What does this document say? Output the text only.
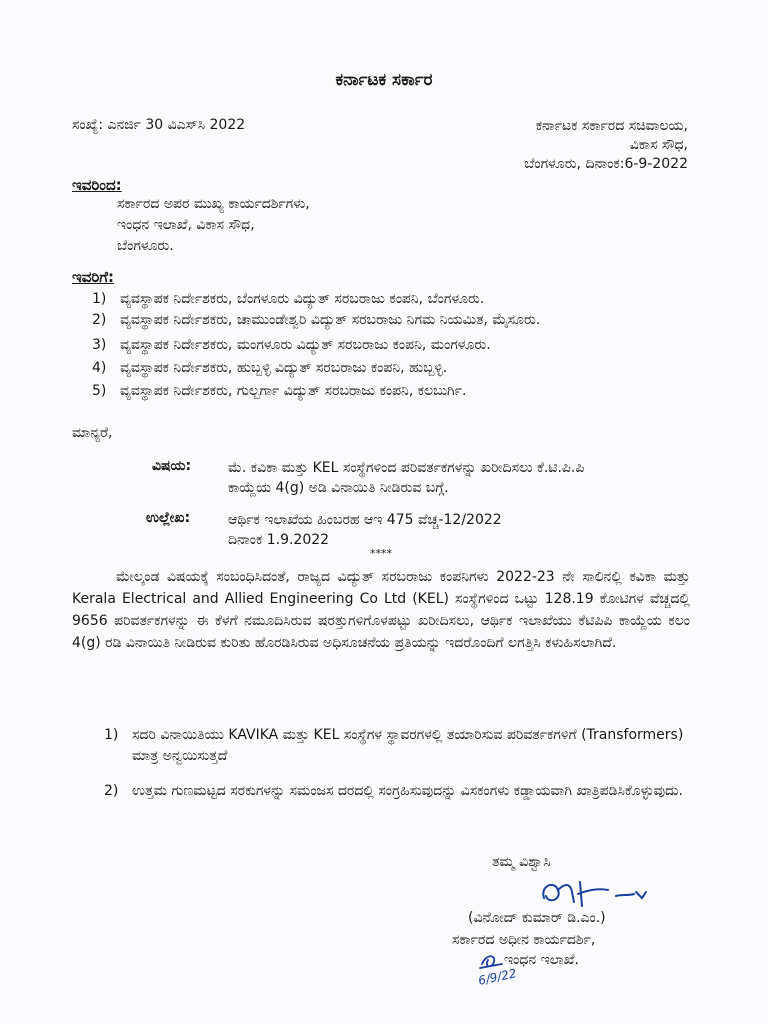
ಕರ್ನಾಟಕ ಸರ್ಕಾರ
ಸಂಖ್ಯೆ: ಎನರ್ಜಿ 30 ವಿಎಸ್‌ಸಿ 2022	ಕರ್ನಾಟಕ ಸರ್ಕಾರದ ಸಚಿವಾಲಯ,
ವಿಕಾಸ ಸೌಧ,
ಬೆಂಗಳೂರು, ದಿನಾಂಕ:6-9-2022
ಇವರಿಂದ:
ಸರ್ಕಾರದ ಅಪರ ಮುಖ್ಯ ಕಾರ್ಯದರ್ಶಿಗಳು,
ಇಂಧನ ಇಲಾಖೆ, ವಿಕಾಸ ಸೌಧ,
ಬೆಂಗಳೂರು.
ಇವರಿಗೆ:
1) ವ್ಯವಸ್ಥಾಪಕ ನಿರ್ದೇಶಕರು, ಬೆಂಗಳೂರು ವಿದ್ಯುತ್ ಸರಬರಾಜು ಕಂಪನಿ, ಬೆಂಗಳೂರು.
2) ವ್ಯವಸ್ಥಾಪಕ ನಿರ್ದೇಶಕರು, ಚಾಮುಂಡೇಶ್ವರಿ ವಿದ್ಯುತ್ ಸರಬರಾಜು ನಿಗಮ ನಿಯಮಿತ, ಮೈಸೂರು.
3) ವ್ಯವಸ್ಥಾಪಕ ನಿರ್ದೇಶಕರು, ಮಂಗಳೂರು ವಿದ್ಯುತ್ ಸರಬರಾಜು ಕಂಪನಿ, ಮಂಗಳೂರು.
4) ವ್ಯವಸ್ಥಾಪಕ ನಿರ್ದೇಶಕರು, ಹುಬ್ಬಳ್ಳಿ ವಿದ್ಯುತ್ ಸರಬರಾಜು ಕಂಪನಿ, ಹುಬ್ಬಳ್ಳಿ.
5) ವ್ಯವಸ್ಥಾಪಕ ನಿರ್ದೇಶಕರು, ಗುಲ್ಬರ್ಗಾ ವಿದ್ಯುತ್ ಸರಬರಾಜು ಕಂಪನಿ, ಕಲಬುರ್ಗಿ.
ಮಾನ್ಯರೆ,
ವಿಷಯ:	ಮೆ. ಕವಿಕಾ ಮತ್ತು KEL ಸಂಸ್ಥೆಗಳಿಂದ ಪರಿವರ್ತಕಗಳನ್ನು ಖರೀದಿಸಲು ಕೆ.ಟಿ.ಪಿ.ಪಿ ಕಾಯ್ದೆಯ 4(g) ಅಡಿ ವಿನಾಯಿತಿ ನೀಡಿರುವ ಬಗ್ಗೆ.
ಉಲ್ಲೇಖ:	ಆರ್ಥಿಕ ಇಲಾಖೆಯ ಹಿಂಬರಹ ಆಇ 475 ವೆಚ್ಚ-12/2022
ದಿನಾಂಕ 1.9.2022
****
ಮೇಲ್ಕಂಡ ವಿಷಯಕ್ಕೆ ಸಂಬಂಧಿಸಿದಂತೆ, ರಾಜ್ಯದ ವಿದ್ಯುತ್ ಸರಬರಾಜು ಕಂಪನಿಗಳು 2022-23 ನೇ ಸಾಲಿನಲ್ಲಿ ಕವಿಕಾ ಮತ್ತು Kerala Electrical and Allied Engineering Co Ltd (KEL) ಸಂಸ್ಥೆಗಳಿಂದ ಒಟ್ಟು 128.19 ಕೋಟಿಗಳ ವೆಚ್ಚದಲ್ಲಿ 9656 ಪರಿವರ್ತಕಗಳನ್ನು ಈ ಕೆಳಗೆ ನಮೂದಿಸಿರುವ ಷರತ್ತುಗಳಿಗೊಳಪಟ್ಟು ಖರೀದಿಸಲು, ಆರ್ಥಿಕ ಇಲಾಖೆಯು ಕೆಟಿಪಿಪಿ ಕಾಯ್ದೆಯ ಕಲಂ 4(g) ರಡಿ ವಿನಾಯಿತಿ ನೀಡಿರುವ ಕುರಿತು ಹೊರಡಿಸಿರುವ ಅಧಿಸೂಚನೆಯ ಪ್ರತಿಯನ್ನು ಇದರೊಂದಿಗೆ ಲಗತ್ತಿಸಿ ಕಳುಹಿಸಲಾಗಿದೆ.
1) ಸದರಿ ವಿನಾಯಿತಿಯು KAVIKA ಮತ್ತು KEL ಸಂಸ್ಥೆಗಳ ಸ್ಥಾವರಗಳಲ್ಲಿ ತಯಾರಿಸುವ ಪರಿವರ್ತಕಗಳಿಗೆ (Transformers) ಮಾತ್ರ ಅನ್ವಯಿಸುತ್ತದೆ
2) ಉತ್ತಮ ಗುಣಮಟ್ಟದ ಸರಕುಗಳನ್ನು ಸಮಂಜಸ ದರದಲ್ಲಿ ಸಂಗ್ರಹಿಸುವುದನ್ನು ವಿಸಕಂಗಳು ಕಡ್ಡಾಯವಾಗಿ ಖಾತ್ರಿಪಡಿಸಿಕೊಳ್ಳುವುದು.
ತಮ್ಮ ವಿಶ್ವಾಸಿ
(ವಿನೋದ್ ಕುಮಾರ್ ಡಿ.ಎಂ.)
ಸರ್ಕಾರದ ಅಧೀನ ಕಾರ್ಯದರ್ಶಿ,
ಇಂಧನ ಇಲಾಖೆ.
6/9/22
